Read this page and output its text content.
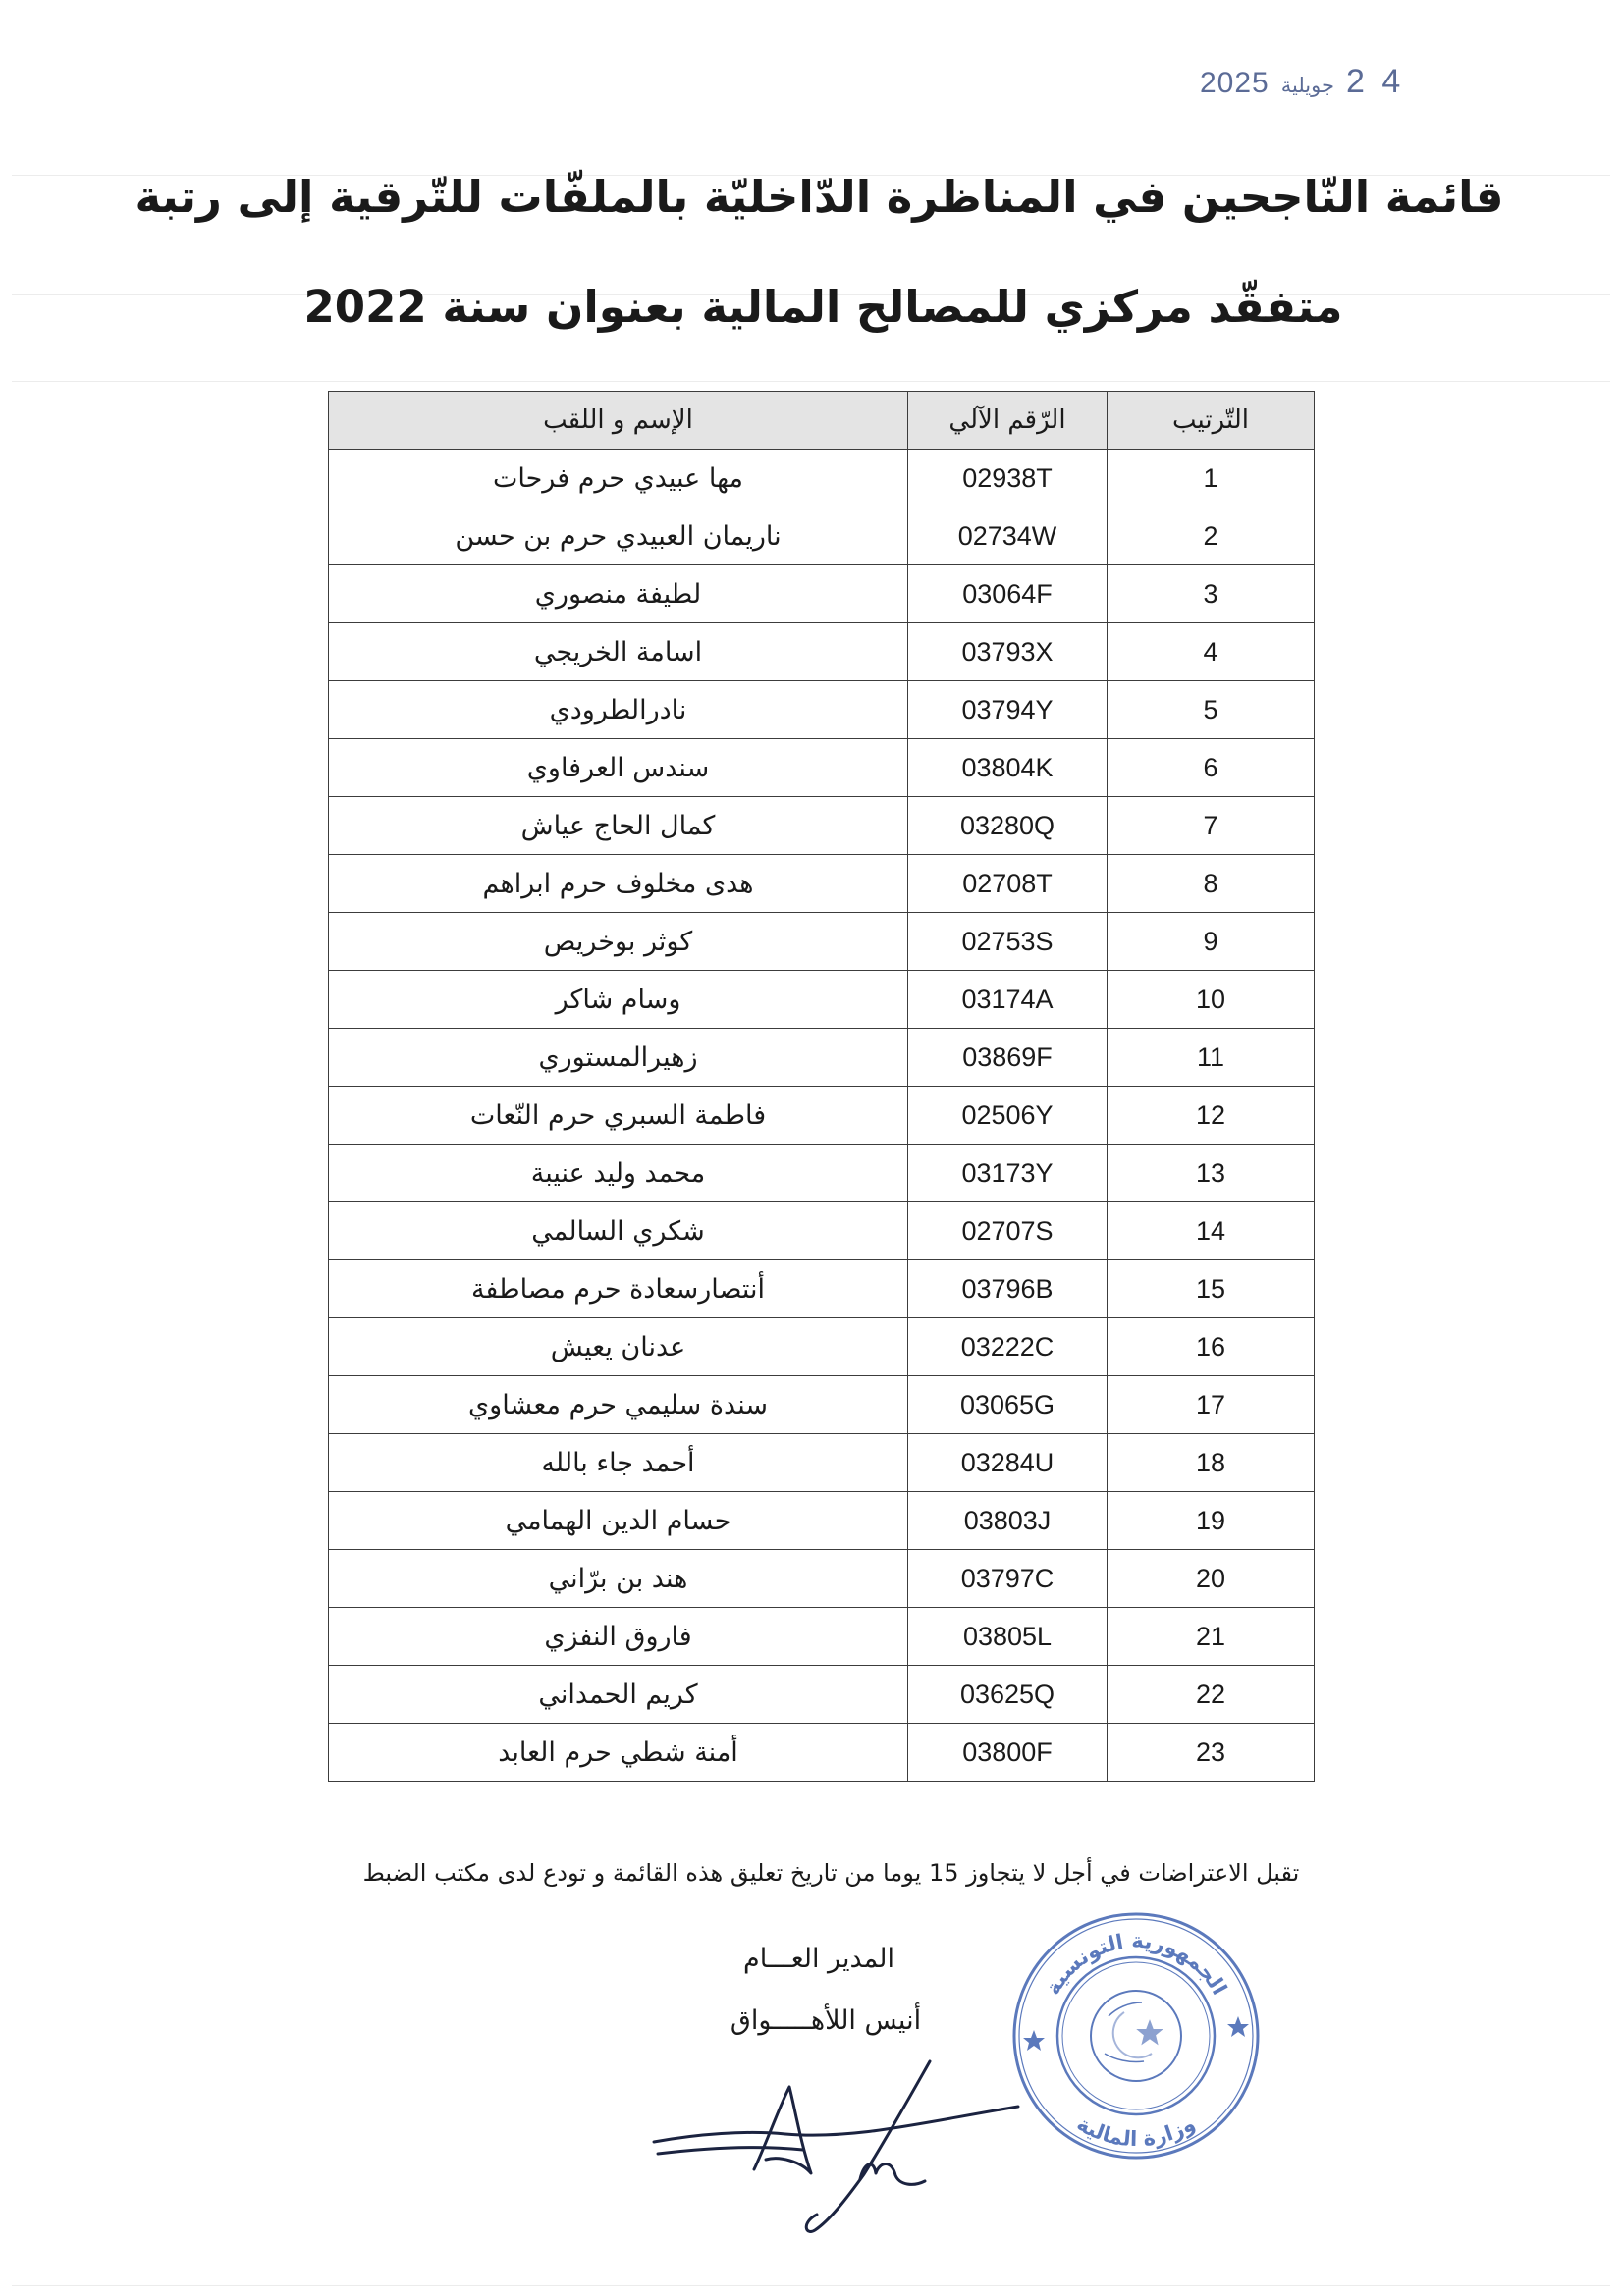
2025 جويلية 2 4
قائمة النّاجحين في المناظرة الدّاخليّة بالملفّات للتّرقية إلى رتبة
متفقّد مركزي للمصالح المالية بعنوان سنة 2022
التّرتيب	الرّقم الآلي	الإسم و اللقب
1	02938T	مها عبيدي حرم فرحات
2	02734W	ناريمان العبيدي حرم بن حسن
3	03064F	لطيفة منصوري
4	03793X	اسامة الخريجي
5	03794Y	نادرالطرودي
6	03804K	سندس العرفاوي
7	03280Q	كمال الحاج عياش
8	02708T	هدى مخلوف حرم ابراهم
9	02753S	كوثر بوخريص
10	03174A	وسام شاكر
11	03869F	زهيرالمستوري
12	02506Y	فاطمة السبري حرم النّعات
13	03173Y	محمد وليد عنيبة
14	02707S	شكري السالمي
15	03796B	أنتصارسعادة حرم مصاطفة
16	03222C	عدنان يعيش
17	03065G	سندة سليمي حرم معشاوي
18	03284U	أحمد جاء بالله
19	03803J	حسام الدين الهمامي
20	03797C	هند بن برّاني
21	03805L	فاروق النفزي
22	03625Q	كريم الحمداني
23	03800F	أمنة شطي حرم العابد
تقبل الاعتراضات في أجل لا يتجاوز 15 يوما من تاريخ تعليق هذه القائمة و تودع لدى مكتب الضبط
المدير العـــام
أنيس اللأهـــــواق
الجمهورية التونسية
وزارة المالية
